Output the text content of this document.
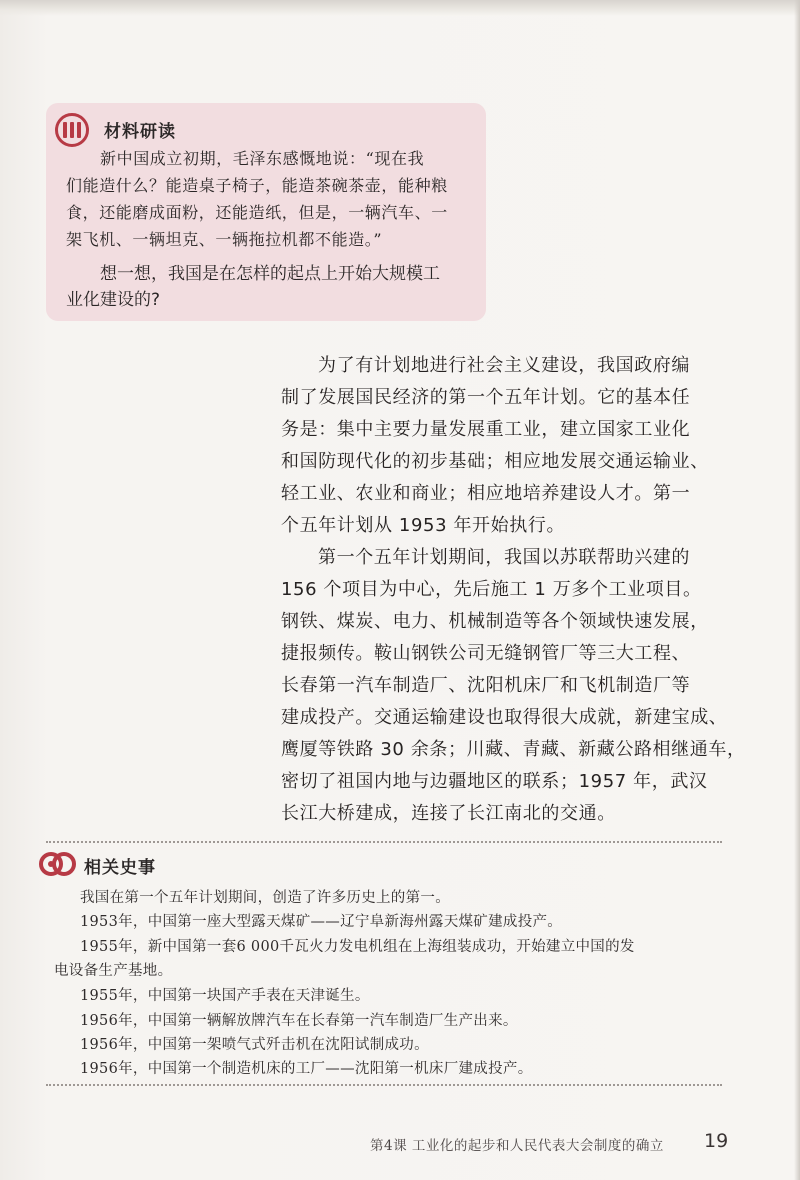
材料研读
新中国成立初期，毛泽东感慨地说：“现在我
们能造什么？能造桌子椅子，能造茶碗茶壶，能种粮
食，还能磨成面粉，还能造纸，但是，一辆汽车、一
架飞机、一辆坦克、一辆拖拉机都不能造。”
想一想，我国是在怎样的起点上开始大规模工
业化建设的?
为了有计划地进行社会主义建设，我国政府编
制了发展国民经济的第一个五年计划。它的基本任
务是：集中主要力量发展重工业，建立国家工业化
和国防现代化的初步基础；相应地发展交通运输业、
轻工业、农业和商业；相应地培养建设人才。第一
个五年计划从 1953 年开始执行。
第一个五年计划期间，我国以苏联帮助兴建的
156 个项目为中心，先后施工 1 万多个工业项目。
钢铁、煤炭、电力、机械制造等各个领域快速发展，
捷报频传。鞍山钢铁公司无缝钢管厂等三大工程、
长春第一汽车制造厂、沈阳机床厂和飞机制造厂等
建成投产。交通运输建设也取得很大成就，新建宝成、
鹰厦等铁路 30 余条；川藏、青藏、新藏公路相继通车，
密切了祖国内地与边疆地区的联系；1957 年，武汉
长江大桥建成，连接了长江南北的交通。
相关史事
我国在第一个五年计划期间，创造了许多历史上的第一。
1953年，中国第一座大型露天煤矿——辽宁阜新海州露天煤矿建成投产。
1955年，新中国第一套6 000千瓦火力发电机组在上海组装成功，开始建立中国的发
电设备生产基地。
1955年，中国第一块国产手表在天津诞生。
1956年，中国第一辆解放牌汽车在长春第一汽车制造厂生产出来。
1956年，中国第一架喷气式歼击机在沈阳试制成功。
1956年，中国第一个制造机床的工厂——沈阳第一机床厂建成投产。
第4课 工业化的起步和人民代表大会制度的确立 19
